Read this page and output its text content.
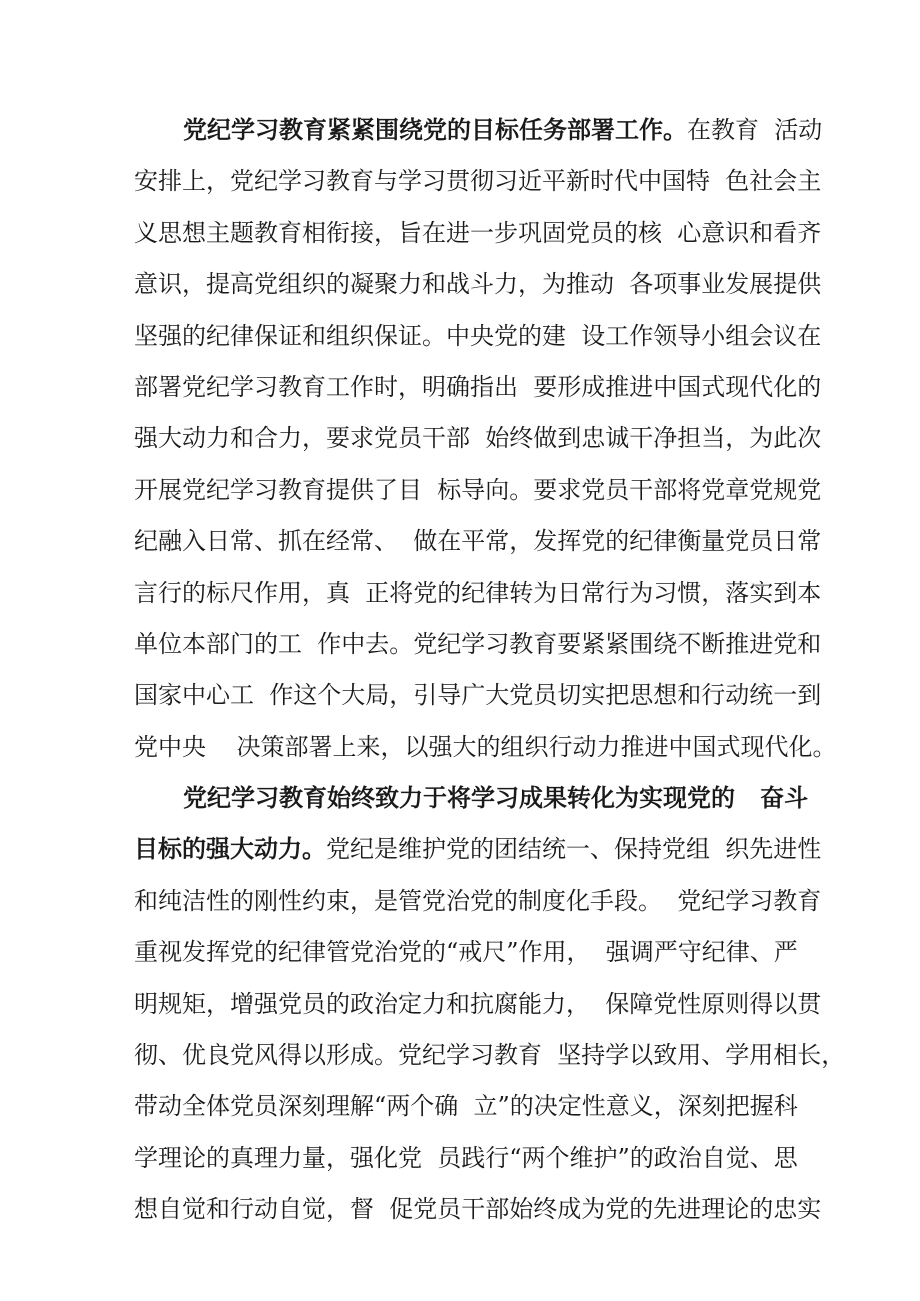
党纪学习教育紧紧围绕党的目标任务部署工作。在教育  活动
安排上，党纪学习教育与学习贯彻习近平新时代中国特  色社会主
义思想主题教育相衔接，旨在进一步巩固党员的核  心意识和看齐
意识，提高党组织的凝聚力和战斗力，为推动  各项事业发展提供
坚强的纪律保证和组织保证。中央党的建  设工作领导小组会议在
部署党纪学习教育工作时，明确指出  要形成推进中国式现代化的
强大动力和合力，要求党员干部  始终做到忠诚干净担当，为此次
开展党纪学习教育提供了目  标导向。要求党员干部将党章党规党
纪融入日常、抓在经常、  做在平常，发挥党的纪律衡量党员日常
言行的标尺作用，真  正将党的纪律转为日常行为习惯，落实到本
单位本部门的工  作中去。党纪学习教育要紧紧围绕不断推进党和
国家中心工  作这个大局，引导广大党员切实把思想和行动统一到
党中央    决策部署上来，以强大的组织行动力推进中国式现代化。
党纪学习教育始终致力于将学习成果转化为实现党的   奋斗
目标的强大动力。党纪是维护党的团结统一、保持党组  织先进性
和纯洁性的刚性约束，是管党治党的制度化手段。  党纪学习教育
重视发挥党的纪律管党治党的“戒尺”作用，  强调严守纪律、严
明规矩，增强党员的政治定力和抗腐能力，  保障党性原则得以贯
彻、优良党风得以形成。党纪学习教育  坚持学以致用、学用相长，
带动全体党员深刻理解“两个确  立”的决定性意义，深刻把握科
学理论的真理力量，强化党  员践行“两个维护”的政治自觉、思
想自觉和行动自觉，督  促党员干部始终成为党的先进理论的忠实
